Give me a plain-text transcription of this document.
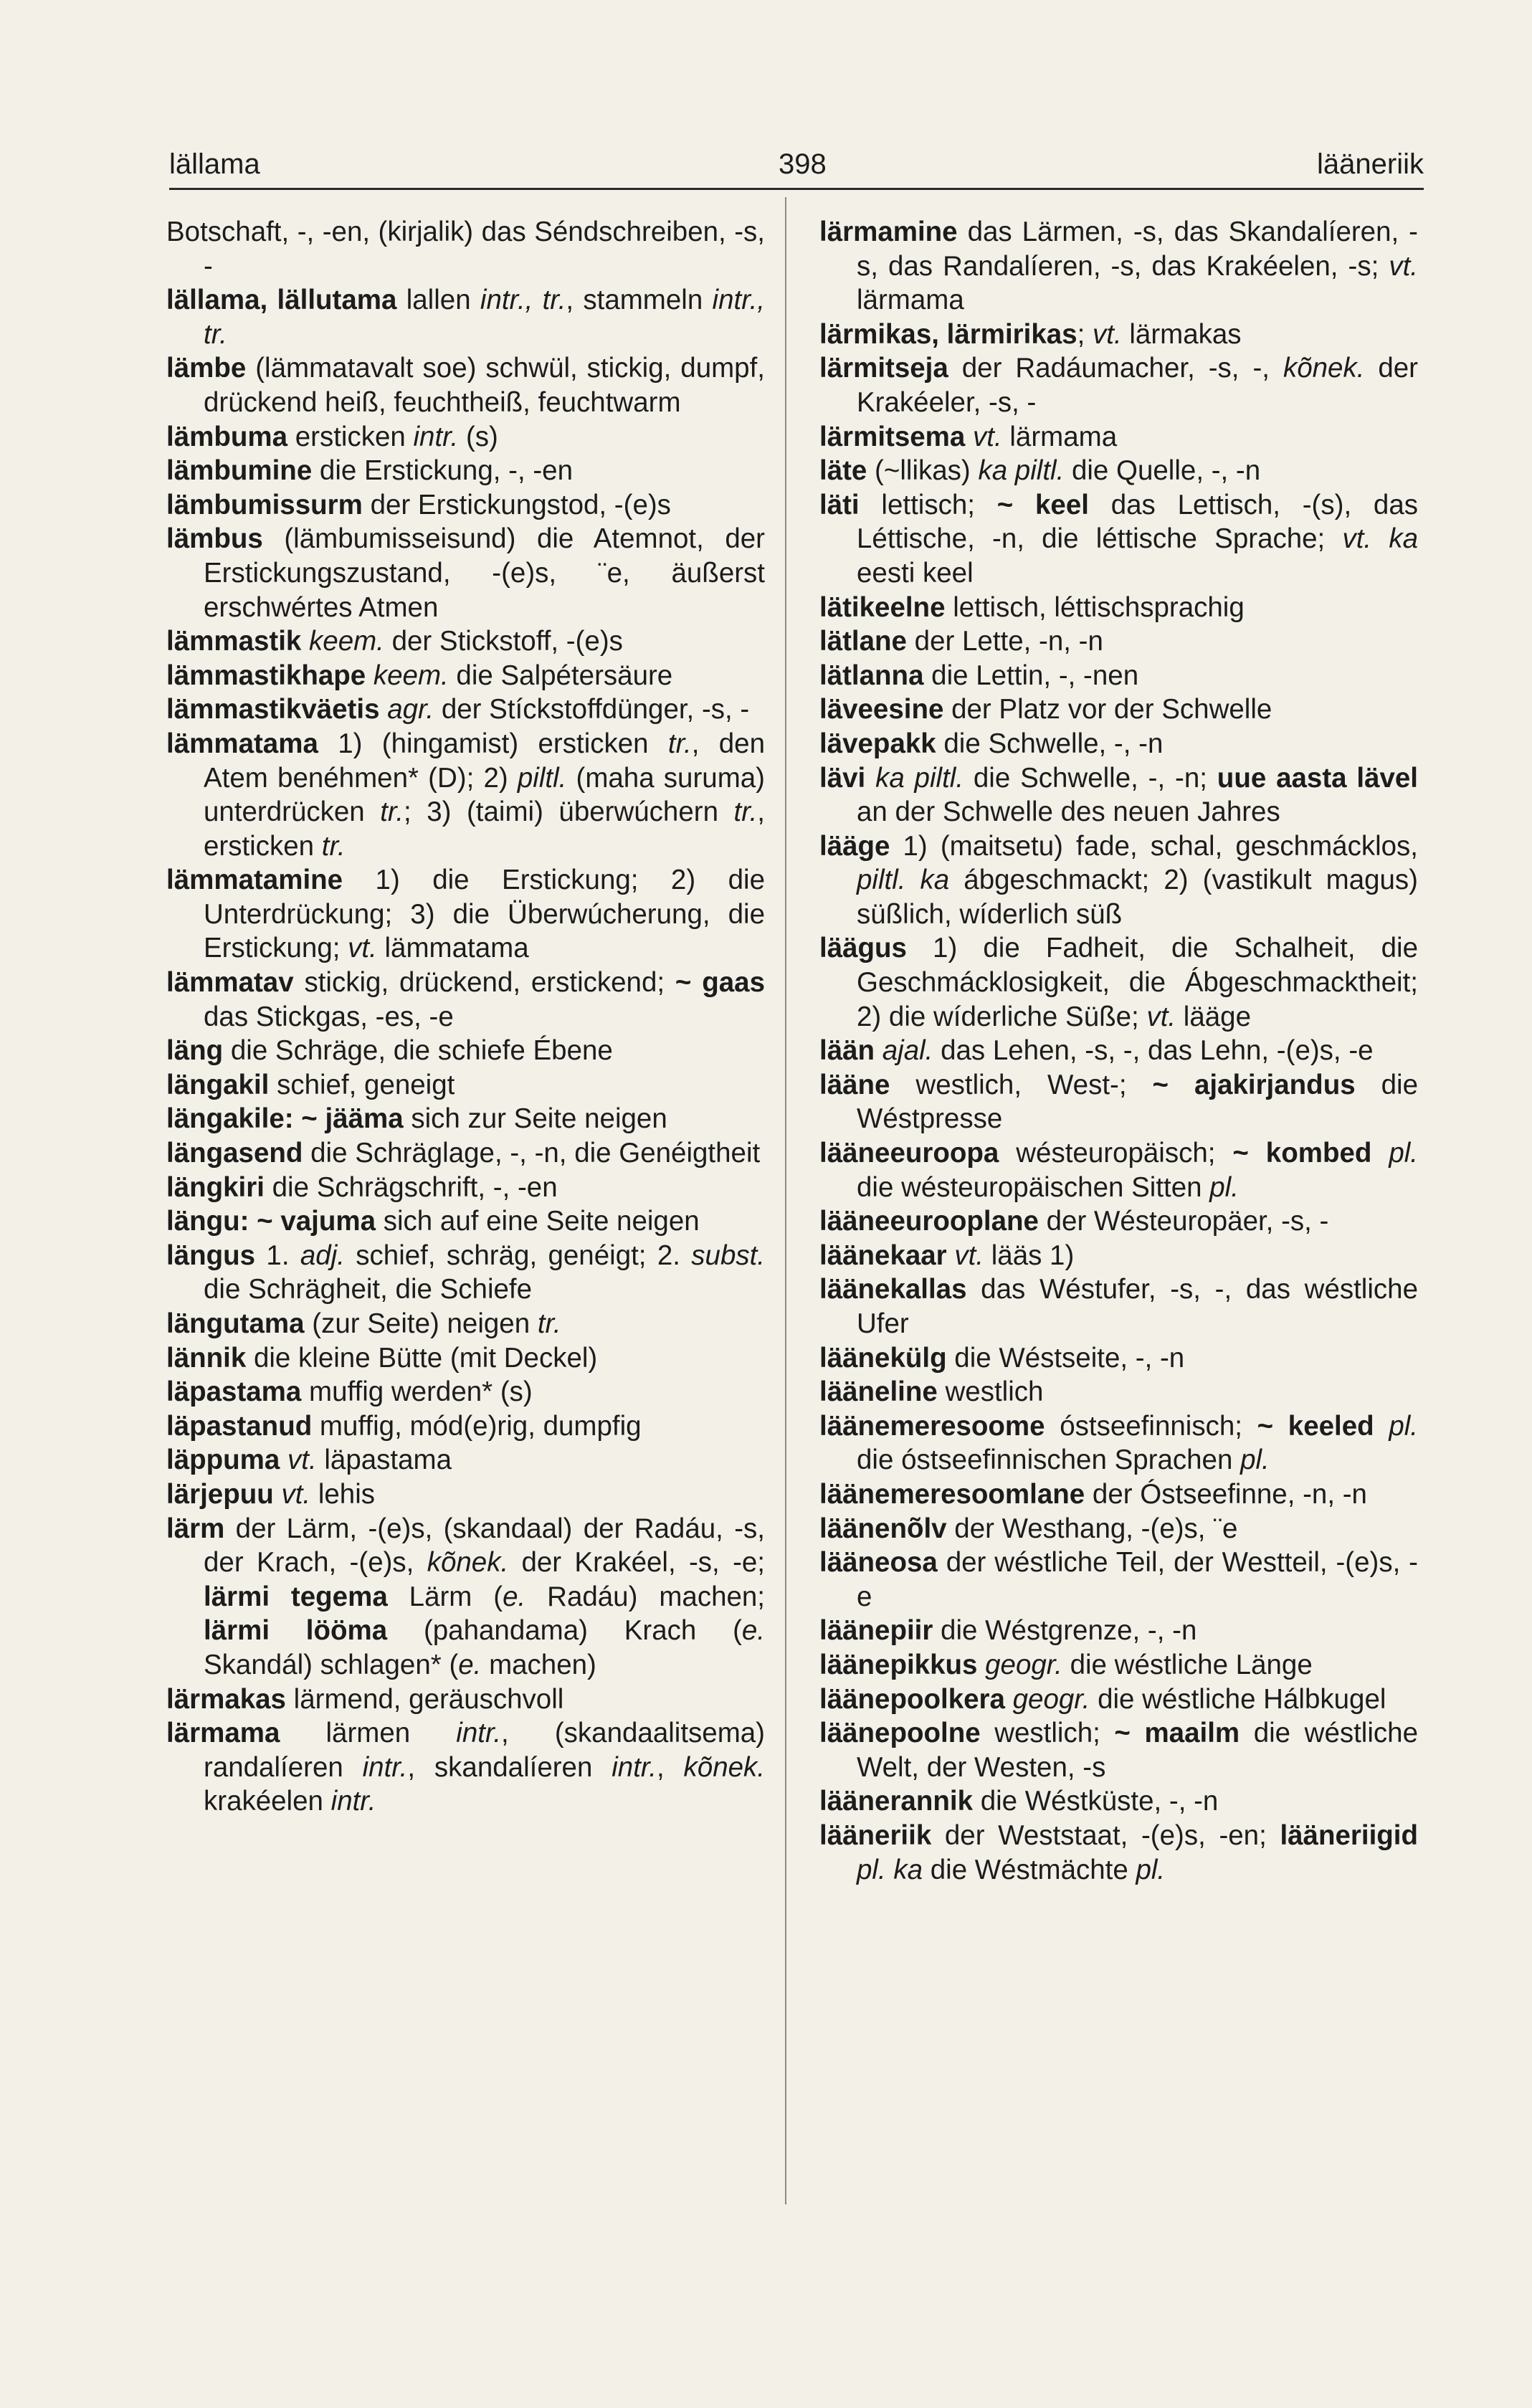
lällama	398	lääneriik
Botschaft, -, -en, (kirjalik) das Séndschreiben, -s, -
lällama, lällutama lallen intr., tr., stammeln intr., tr.
lämbe (lämmatavalt soe) schwül, stickig, dumpf, drückend heiß, feuchtheiß, feuchtwarm
lämbuma ersticken intr. (s)
lämbumine die Erstickung, -, -en
lämbumissurm der Erstickungstod, -(e)s
lämbus (lämbumisseisund) die Atemnot, der Erstickungszustand, -(e)s, ¨e, äußerst erschwértes Atmen
lämmastik keem. der Stickstoff, -(e)s
lämmastikhape keem. die Salpétersäure
lämmastikväetis agr. der Stíckstoffdünger, -s, -
lämmatama 1) (hingamist) ersticken tr., den Atem benéhmen* (D); 2) piltl. (maha suruma) unterdrücken tr.; 3) (taimi) überwúchern tr., ersticken tr.
lämmatamine 1) die Erstickung; 2) die Unterdrückung; 3) die Überwúcherung, die Erstickung; vt. lämmatama
lämmatav stickig, drückend, erstickend; ~ gaas das Stickgas, -es, -e
läng die Schräge, die schiefe Ébene
längakil schief, geneigt
längakile: ~ jääma sich zur Seite neigen
längasend die Schräglage, -, -n, die Genéigtheit
längkiri die Schrägschrift, -, -en
längu: ~ vajuma sich auf eine Seite neigen
längus 1. adj. schief, schräg, genéigt; 2. subst. die Schrägheit, die Schiefe
längutama (zur Seite) neigen tr.
lännik die kleine Bütte (mit Deckel)
läpastama muffig werden* (s)
läpastanud muffig, mód(e)rig, dumpfig
läppuma vt. läpastama
lärjepuu vt. lehis
lärm der Lärm, -(e)s, (skandaal) der Radáu, -s, der Krach, -(e)s, kõnek. der Krakéel, -s, -e; lärmi tegema Lärm (e. Radáu) machen; lärmi lööma (pahandama) Krach (e. Skandál) schlagen* (e. machen)
lärmakas lärmend, geräuschvoll
lärmama lärmen intr., (skandaalitsema) randalíeren intr., skandalíeren intr., kõnek. krakéelen intr.
lärmamine das Lärmen, -s, das Skandalíeren, -s, das Randalíeren, -s, das Krakéelen, -s; vt. lärmama
lärmikas, lärmirikas; vt. lärmakas
lärmitseja der Radáumacher, -s, -, kõnek. der Krakéeler, -s, -
lärmitsema vt. lärmama
läte (~llikas) ka piltl. die Quelle, -, -n
läti lettisch; ~ keel das Lettisch, -(s), das Léttische, -n, die léttische Sprache; vt. ka eesti keel
lätikeelne lettisch, léttischsprachig
lätlane der Lette, -n, -n
lätlanna die Lettin, -, -nen
läveesine der Platz vor der Schwelle
lävepakk die Schwelle, -, -n
lävi ka piltl. die Schwelle, -, -n; uue aasta lävel an der Schwelle des neuen Jahres
lääge 1) (maitsetu) fade, schal, geschmácklos, piltl. ka ábgeschmackt; 2) (vastikult magus) süßlich, wíderlich süß
läägus 1) die Fadheit, die Schalheit, die Geschmácklosigkeit, die Ábgeschmacktheit; 2) die wíderliche Süße; vt. lääge
lään ajal. das Lehen, -s, -, das Lehn, -(e)s, -e
lääne westlich, West-; ~ ajakirjandus die Wéstpresse
lääneeuroopa wésteuropäisch; ~ kombed pl. die wésteuropäischen Sitten pl.
lääneeurooplane der Wésteuropäer, -s, -
läänekaar vt. lääs 1)
läänekallas das Wéstufer, -s, -, das wéstliche Ufer
läänekülg die Wéstseite, -, -n
lääneline westlich
läänemeresoome óstseefinnisch; ~ keeled pl. die óstseefinnischen Sprachen pl.
läänemeresoomlane der Óstseefinne, -n, -n
läänenõlv der Westhang, -(e)s, ¨e
lääneosa der wéstliche Teil, der Westteil, -(e)s, -e
läänepiir die Wéstgrenze, -, -n
läänepikkus geogr. die wéstliche Länge
läänepoolkera geogr. die wéstliche Hálbkugel
läänepoolne westlich; ~ maailm die wéstliche Welt, der Westen, -s
läänerannik die Wéstküste, -, -n
lääneriik der Weststaat, -(e)s, -en; lääneriigid pl. ka die Wéstmächte pl.
